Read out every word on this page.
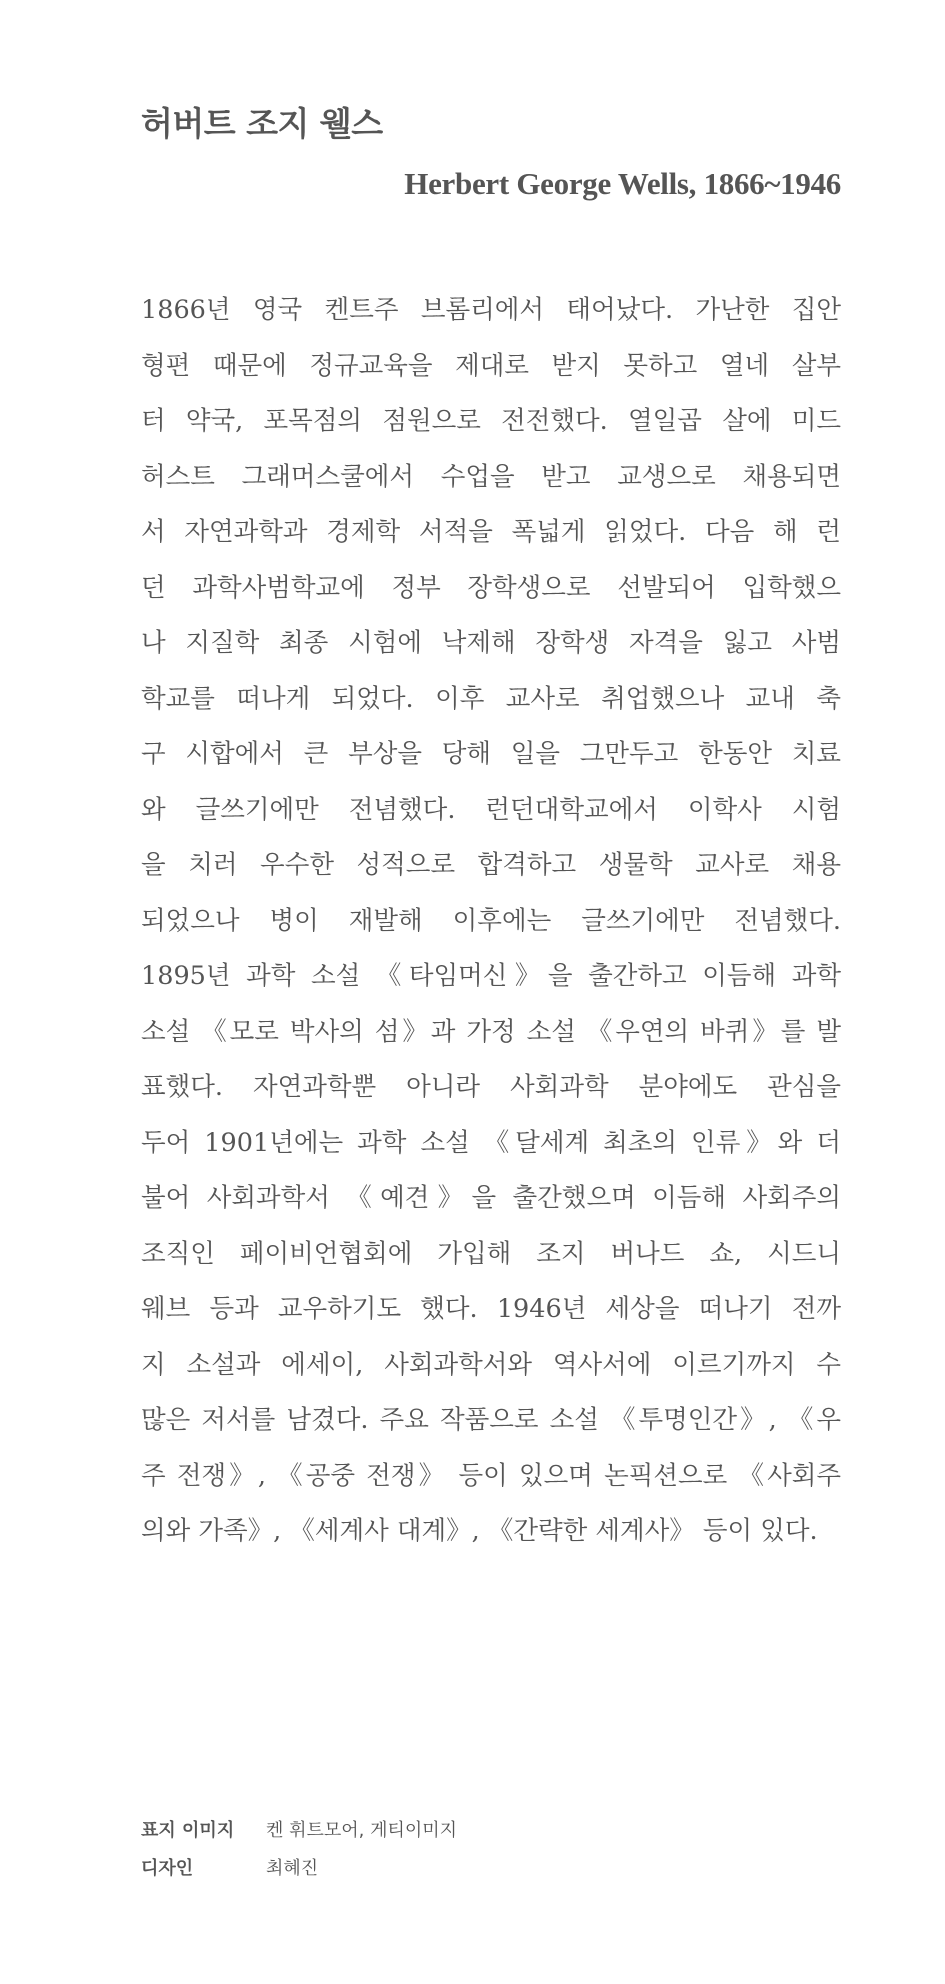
허버트 조지 웰스

Herbert George Wells, 1866~1946

1866년 영국 켄트주 브롬리에서 태어났다. 가난한 집안
형편 때문에 정규교육을 제대로 받지 못하고 열네 살부
터 약국, 포목점의 점원으로 전전했다. 열일곱 살에 미드
허스트 그래머스쿨에서 수업을 받고 교생으로 채용되면
서 자연과학과 경제학 서적을 폭넓게 읽었다. 다음 해 런
던 과학사범학교에 정부 장학생으로 선발되어 입학했으
나 지질학 최종 시험에 낙제해 장학생 자격을 잃고 사범
학교를 떠나게 되었다. 이후 교사로 취업했으나 교내 축
구 시합에서 큰 부상을 당해 일을 그만두고 한동안 치료
와 글쓰기에만 전념했다. 런던대학교에서 이학사 시험
을 치러 우수한 성적으로 합격하고 생물학 교사로 채용
되었으나 병이 재발해 이후에는 글쓰기에만 전념했다.
1895년 과학 소설 《타임머신》을 출간하고 이듬해 과학
소설 《모로 박사의 섬》과 가정 소설 《우연의 바퀴》를 발
표했다. 자연과학뿐 아니라 사회과학 분야에도 관심을
두어 1901년에는 과학 소설 《달세계 최초의 인류》와 더
불어 사회과학서 《예견》을 출간했으며 이듬해 사회주의
조직인 페이비언협회에 가입해 조지 버나드 쇼, 시드니
웨브 등과 교우하기도 했다. 1946년 세상을 떠나기 전까
지 소설과 에세이, 사회과학서와 역사서에 이르기까지 수
많은 저서를 남겼다. 주요 작품으로 소설 《투명인간》, 《우
주 전쟁》, 《공중 전쟁》 등이 있으며 논픽션으로 《사회주
의와 가족》, 《세계사 대계》, 《간략한 세계사》 등이 있다.
표지 이미지	켄 휘트모어, 게티이미지
디자인	최혜진
